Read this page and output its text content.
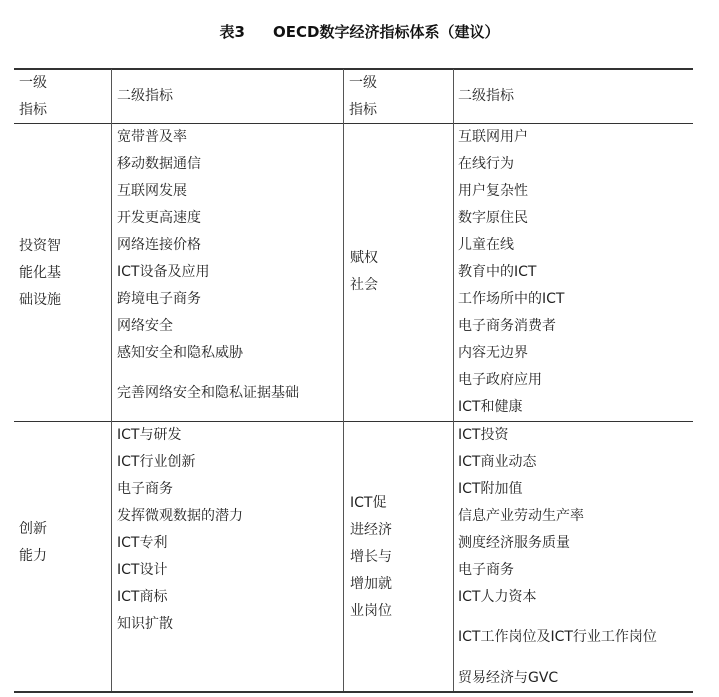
表3 OECD数字经济指标体系（建议）
一级
指标
二级指标
一级
指标
二级指标
投资智
能化基
础设施
宽带普及率
移动数据通信
互联网发展
开发更高速度
网络连接价格
ICT设备及应用
跨境电子商务
网络安全
感知安全和隐私威胁
完善网络安全和隐私证据基础
赋权
社会
互联网用户
在线行为
用户复杂性
数字原住民
儿童在线
教育中的ICT
工作场所中的ICT
电子商务消费者
内容无边界
电子政府应用
ICT和健康
创新
能力
ICT与研发
ICT行业创新
电子商务
发挥微观数据的潜力
ICT专利
ICT设计
ICT商标
知识扩散
ICT促
进经济
增长与
增加就
业岗位
ICT投资
ICT商业动态
ICT附加值
信息产业劳动生产率
测度经济服务质量
电子商务
ICT人力资本
ICT工作岗位及ICT行业工作岗位
贸易经济与GVC
